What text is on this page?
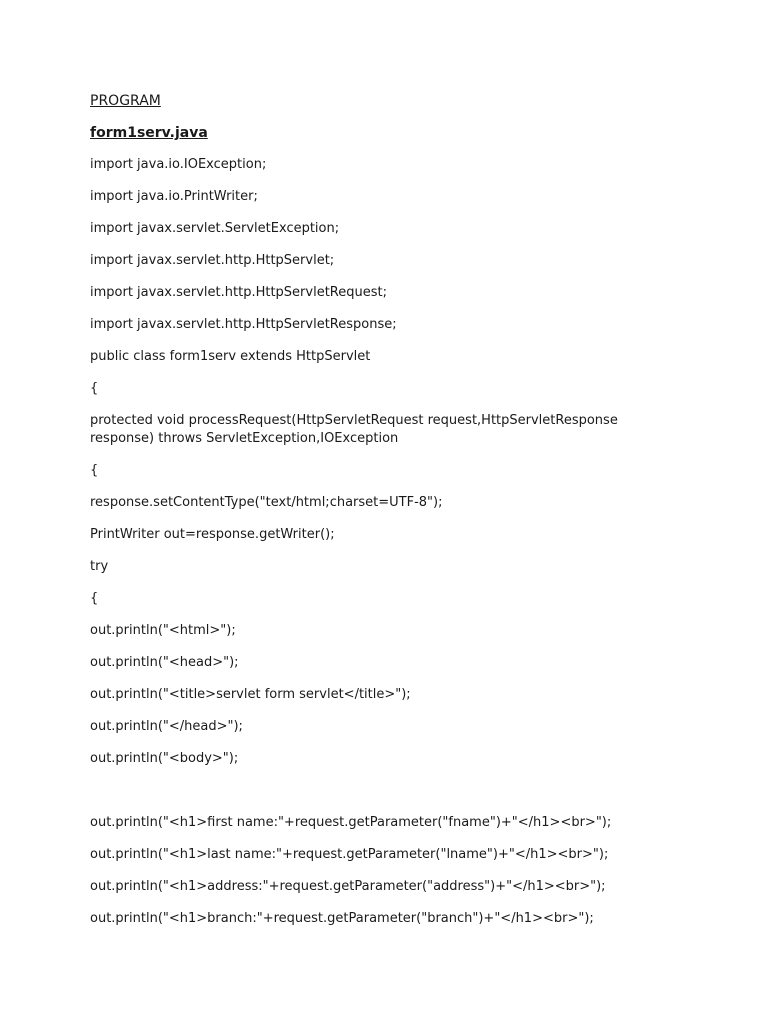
PROGRAM
form1serv.java
import java.io.IOException;
import java.io.PrintWriter;
import javax.servlet.ServletException;
import javax.servlet.http.HttpServlet;
import javax.servlet.http.HttpServletRequest;
import javax.servlet.http.HttpServletResponse;
public class form1serv extends HttpServlet
{
protected void processRequest(HttpServletRequest request,HttpServletResponse response) throws ServletException,IOException
{
response.setContentType("text/html;charset=UTF-8");
PrintWriter out=response.getWriter();
try
{
out.println("<html>");
out.println("<head>");
out.println("<title>servlet form servlet</title>");
out.println("</head>");
out.println("<body>");
out.println("<h1>first name:"+request.getParameter("fname")+"</h1><br>");
out.println("<h1>last name:"+request.getParameter("lname")+"</h1><br>");
out.println("<h1>address:"+request.getParameter("address")+"</h1><br>");
out.println("<h1>branch:"+request.getParameter("branch")+"</h1><br>");
